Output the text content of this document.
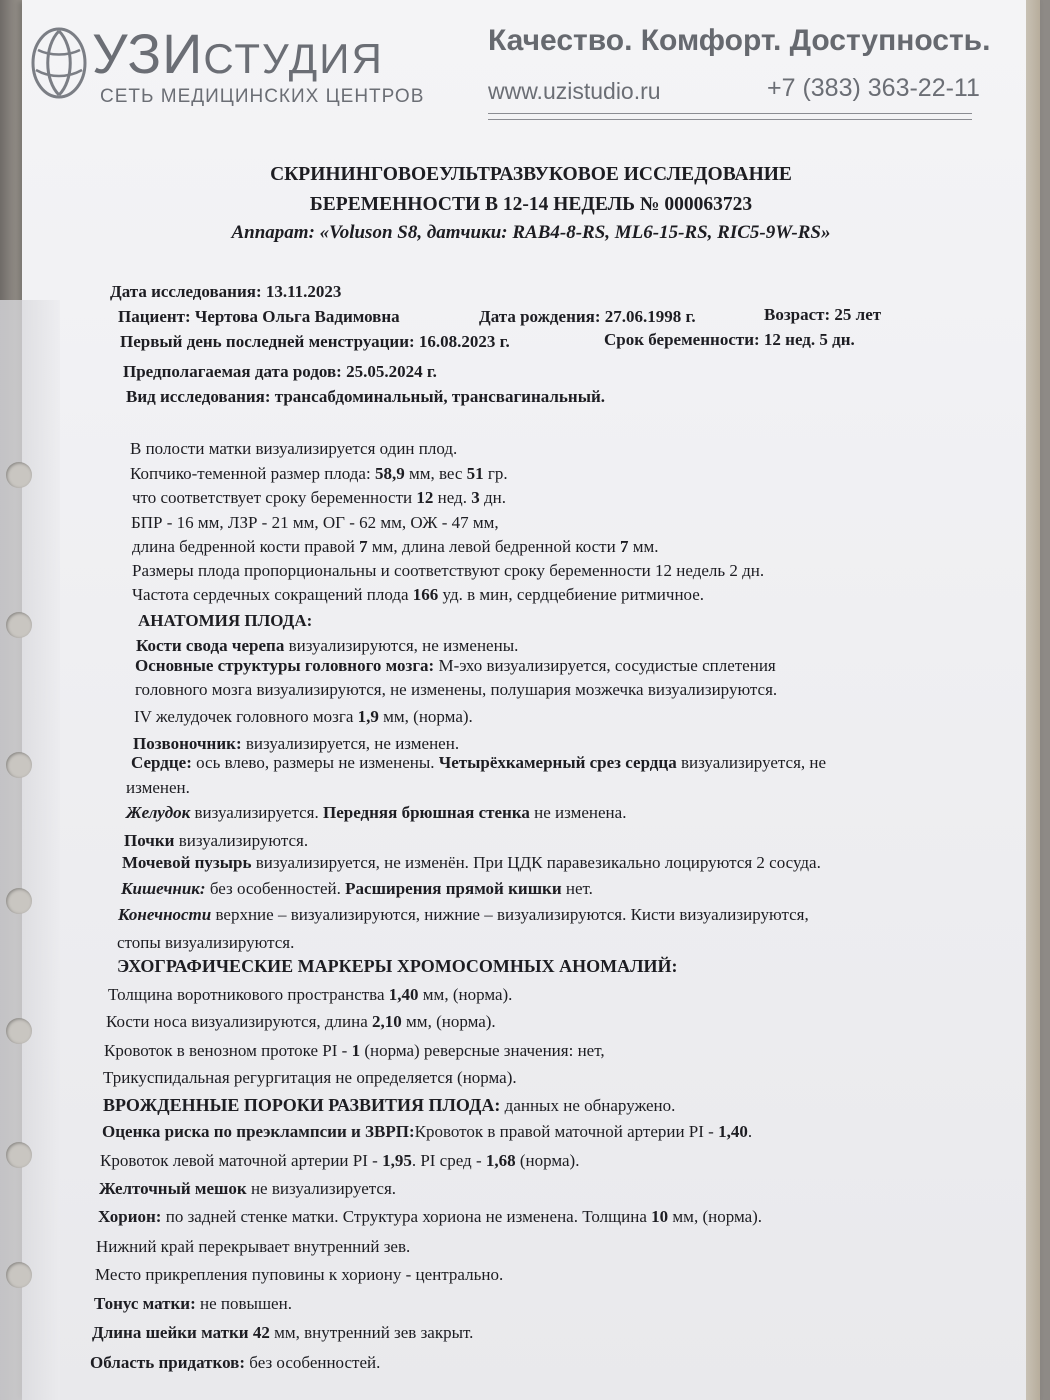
УЗИСТУДИЯ
СЕТЬ МЕДИЦИНСКИХ ЦЕНТРОВ
Качество. Комфорт. Доступность.
www.uzistudio.ru	+7 (383) 363-22-11
СКРИНИНГОВОЕУЛЬТРАЗВУКОВОЕ ИССЛЕДОВАНИЕ
БЕРЕМЕННОСТИ В 12-14 НЕДЕЛЬ № 000063723
Аппарат: «Voluson S8, датчики: RAB4-8-RS, ML6-15-RS, RIC5-9W-RS»
Дата исследования: 13.11.2023
Пациент: Чертова Ольга Вадимовна	Дата рождения: 27.06.1998 г.	Возраст: 25 лет
Первый день последней менструации: 16.08.2023 г.	Срок беременности: 12 нед. 5 дн.
Предполагаемая дата родов: 25.05.2024 г.
Вид исследования: трансабдоминальный, трансвагинальный.
В полости матки визуализируется один плод.
Копчико-теменной размер плода: 58,9 мм, вес 51 гр.
что соответствует сроку беременности 12 нед. 3 дн.
БПР - 16 мм, ЛЗР - 21 мм, ОГ - 62 мм, ОЖ - 47 мм,
длина бедренной кости правой 7 мм, длина левой бедренной кости 7 мм.
Размеры плода пропорциональны и соответствуют сроку беременности 12 недель 2 дн.
Частота сердечных сокращений плода 166 уд. в мин, сердцебиение ритмичное.
АНАТОМИЯ ПЛОДА:
Кости свода черепа визуализируются, не изменены.
Основные структуры головного мозга: М-эхо визуализируется, сосудистые сплетения
головного мозга визуализируются, не изменены, полушария мозжечка визуализируются.
IV желудочек головного мозга 1,9 мм, (норма).
Позвоночник: визуализируется, не изменен.
Сердце: ось влево, размеры не изменены. Четырёхкамерный срез сердца визуализируется, не
изменен.
Желудок визуализируется. Передняя брюшная стенка не изменена.
Почки визуализируются.
Мочевой пузырь визуализируется, не изменён. При ЦДК паравезикально лоцируются 2 сосуда.
Кишечник: без особенностей. Расширения прямой кишки нет.
Конечности верхние – визуализируются, нижние – визуализируются. Кисти визуализируются,
стопы визуализируются.
ЭХОГРАФИЧЕСКИЕ МАРКЕРЫ ХРОМОСОМНЫХ АНОМАЛИЙ:
Толщина воротникового пространства 1,40 мм, (норма).
Кости носа визуализируются, длина 2,10 мм, (норма).
Кровоток в венозном протоке PI - 1 (норма) реверсные значения: нет,
Трикуспидальная регургитация не определяется (норма).
ВРОЖДЕННЫЕ ПОРОКИ РАЗВИТИЯ ПЛОДА: данных не обнаружено.
Оценка риска по преэклампсии и ЗВРП:Кровоток в правой маточной артерии PI - 1,40.
Кровоток левой маточной артерии PI - 1,95. PI сред - 1,68 (норма).
Желточный мешок не визуализируется.
Хорион: по задней стенке матки. Структура хориона не изменена. Толщина 10 мм, (норма).
Нижний край перекрывает внутренний зев.
Место прикрепления пуповины к хориону - центрально.
Тонус матки: не повышен.
Длина шейки матки 42 мм, внутренний зев закрыт.
Область придатков: без особенностей.
